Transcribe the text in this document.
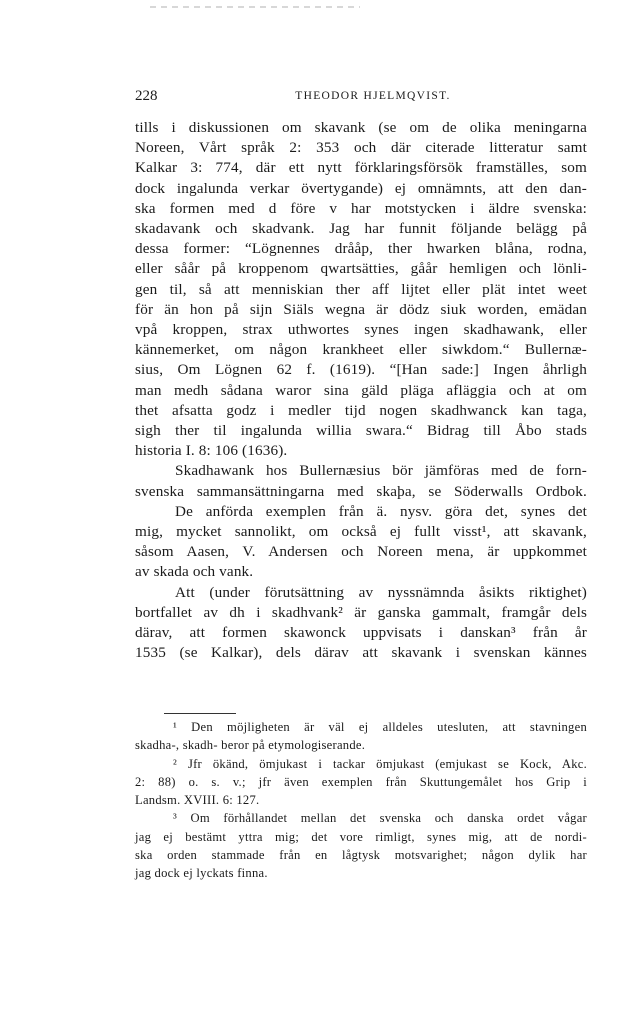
228	THEODOR HJELMQVIST.
tills i diskussionen om skavank (se om de olika meningarna
Noreen, Vårt språk 2: 353 och där citerade litteratur samt
Kalkar 3: 774, där ett nytt förklaringsförsök framställes, som
dock ingalunda verkar övertygande) ej omnämnts, att den dan-
ska formen med d före v har motstycken i äldre svenska:
skadavank och skadvank. Jag har funnit följande belägg på
dessa former: “Lögnennes drååp, ther hwarken blåna, rodna,
eller såår på kroppenom qwartsätties, gåår hemligen och lönli-
gen til, så att menniskian ther aff lijtet eller plät intet weet
för än hon på sijn Siäls wegna är dödz siuk worden, emädan
vpå kroppen, strax uthwortes synes ingen skadhawank, eller
kännemerket, om någon krankheet eller siwkdom.“ Bullernæ-
sius, Om Lögnen 62 f. (1619). “[Han sade:] Ingen åhrligh
man medh sådana waror sina gäld pläga afläggia och at om
thet afsatta godz i medler tijd nogen skadhwanck kan taga,
sigh ther til ingalunda willia swara.“ Bidrag till Åbo stads
historia I. 8: 106 (1636).
Skadhawank hos Bullernæsius bör jämföras med de forn-
svenska sammansättningarna med skaþa, se Söderwalls Ordbok.
De anförda exemplen från ä. nysv. göra det, synes det
mig, mycket sannolikt, om också ej fullt visst¹, att skavank,
såsom Aasen, V. Andersen och Noreen mena, är uppkommet
av skada och vank.
Att (under förutsättning av nyssnämnda åsikts riktighet)
bortfallet av dh i skadhvank² är ganska gammalt, framgår dels
därav, att formen skawonck uppvisats i danskan³ från år
1535 (se Kalkar), dels därav att skavank i svenskan kännes
¹ Den möjligheten är väl ej alldeles utesluten, att stavningen
skadha-, skadh- beror på etymologiserande.
² Jfr ökänd, ömjukast i tackar ömjukast (emjukast se Kock, Akc.
2: 88) o. s. v.; jfr även exemplen från Skuttungemålet hos Grip i
Landsm. XVIII. 6: 127.
³ Om förhållandet mellan det svenska och danska ordet vågar
jag ej bestämt yttra mig; det vore rimligt, synes mig, att de nordi-
ska orden stammade från en lågtysk motsvarighet; någon dylik har
jag dock ej lyckats finna.
